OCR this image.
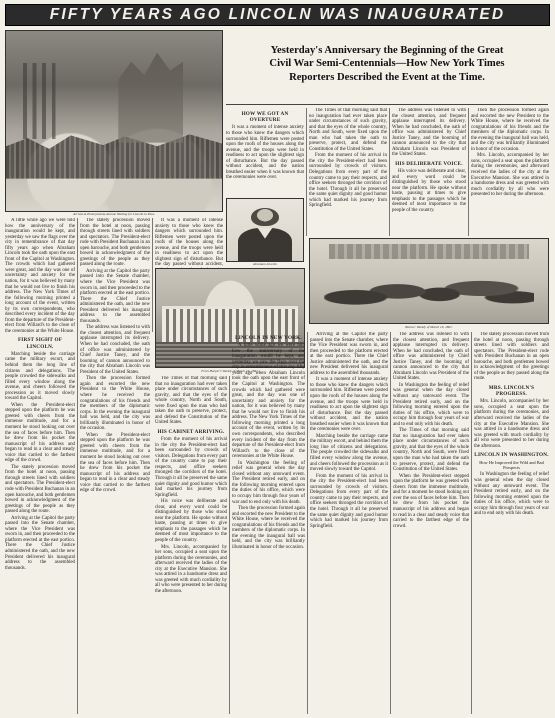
FIFTY YEARS AGO LINCOLN WAS INAUGURATED
Arrival at Pennsylvania Avenue Waiting for Lincoln to Pass.
Yesterday's Anniversary the Beginning of the Great
Civil War Semi-Centennials—How New York Times
Reporters Described the Event at the Time.
HOW WE GOT AN OVERTURE

It was a moment of intense anxiety to those who knew the dangers which surrounded him. Riflemen were posted upon the roofs of the houses along the avenue, and the troops were held in readiness to act upon the slightest sign of disturbance. But the day passed without accident, and the nation breathed easier when it was known that the ceremonies were over.

The Times of that morning said that no inauguration had ever taken place under circumstances of such gravity, and that the eyes of the whole country, North and South, were fixed upon the man who had taken the oath to preserve, protect, and defend the Constitution of the United States.

From the moment of his arrival in the city the President-elect had been surrounded by crowds of visitors. Delegations from every part of the country came to pay their respects, and office seekers thronged the corridors of the hotel. Through it all he preserved the same quiet dignity and good humor which had marked his journey from Springfield.

The address was listened to with the closest attention, and frequent applause interrupted its delivery. When he had concluded, the oath of office was administered by Chief Justice Taney, and the booming of cannon announced to the city that Abraham Lincoln was President of the United States.

HIS DELIBERATE VOICE.

His voice was deliberate and clear, and every word could be distinguished by those who stood near the platform. He spoke without haste, pausing at times to give emphasis to the passages which he deemed of most importance to the people of the country.

Then the procession formed again and escorted the new President to the White House, where he received the congratulations of his friends and the members of the diplomatic corps. In the evening the inaugural ball was held, and the city was brilliantly illuminated in honor of the occasion.

Mrs. Lincoln, accompanied by her sons, occupied a seat upon the platform during the ceremonies, and afterward received the ladies of the city at the Executive Mansion. She was attired in a handsome dress and was greeted with much cordiality by all who were presented to her during the afternoon.

Abraham Lincoln
Barnes' Weekly of March 16, 1861.

A little while ago we were told how the anniversary of the inauguration would be kept, and yesterday we saw the flags over the city in remembrance of that day fifty years ago when Abraham Lincoln took the oath upon the east front of the Capitol at Washington. The crowds which had gathered were great, and the day was one of uncertainty and anxiety for the nation, for it was believed by many that he would not live to finish his address. The New York Times of the following morning printed a long account of the event, written by its own correspondents, who described every incident of the day from the departure of the President-elect from Willard's to the close of the ceremonies at the White House.

FIRST SIGHT OF LINCOLN.

Marching beside the carriage came the military escort, and behind them the long line of citizens and delegations. The people crowded the sidewalks and filled every window along the avenue, and cheers followed the procession as it moved slowly toward the Capitol.

When the President-elect stepped upon the platform he was greeted with cheers from the immense multitude, and for a moment he stood looking out over the sea of faces before him. Then he drew from his pocket the manuscript of his address and began to read in a clear and steady voice that carried to the farthest edge of the crowd.

The stately procession moved from the hotel at noon, passing through streets lined with soldiers and spectators. The President-elect rode with President Buchanan in an open barouche, and both gentlemen bowed in acknowledgment of the greetings of the people as they passed along the route.

Arriving at the Capitol the party passed into the Senate chamber, where the Vice President was sworn in, and then proceeded to the platform erected at the east portico. There the Chief Justice administered the oath, and the new President delivered his inaugural address to the assembled thousands.

The stately procession moved from the hotel at noon, passing through streets lined with soldiers and spectators. The President-elect rode with President Buchanan in an open barouche, and both gentlemen bowed in acknowledgment of the greetings of the people as they passed along the route.

Arriving at the Capitol the party passed into the Senate chamber, where the Vice President was sworn in, and then proceeded to the platform erected at the east portico. There the Chief Justice administered the oath, and the new President delivered his inaugural address to the assembled thousands.

The address was listened to with the closest attention, and frequent applause interrupted its delivery. When he had concluded, the oath of office was administered by Chief Justice Taney, and the booming of cannon announced to the city that Abraham Lincoln was President of the United States.

Then the procession formed again and escorted the new President to the White House, where he received the congratulations of his friends and the members of the diplomatic corps. In the evening the inaugural ball was held, and the city was brilliantly illuminated in honor of the occasion.

When the President-elect stepped upon the platform he was greeted with cheers from the immense multitude, and for a moment he stood looking out over the sea of faces before him. Then he drew from his pocket the manuscript of his address and began to read in a clear and steady voice that carried to the farthest edge of the crowd.

It was a moment of intense anxiety to those who knew the dangers which surrounded him. Riflemen were posted upon the roofs of the houses along the avenue, and the troops were held in readiness to act upon the slightest sign of disturbance. But the day passed without accident,

From Harper's Weekly of March 16, 1861.

The Times of that morning said that no inauguration had ever taken place under circumstances of such gravity, and that the eyes of the whole country, North and South, were fixed upon the man who had taken the oath to preserve, protect, and defend the Constitution of the United States.

HIS CABINET ARRIVING.

From the moment of his arrival in the city the President-elect had been surrounded by crowds of visitors. Delegations from every part of the country came to pay their respects, and office seekers thronged the corridors of the hotel. Through it all he preserved the same quiet dignity and good humor which had marked his journey from Springfield.

His voice was deliberate and clear, and every word could be distinguished by those who stood near the platform. He spoke without haste, pausing at times to give emphasis to the passages which he deemed of most importance to the people of the country.

Mrs. Lincoln, accompanied by her sons, occupied a seat upon the platform during the ceremonies, and afterward received the ladies of the city at the Executive Mansion. She was attired in a handsome dress and was greeted with much cordiality by all who were presented to her during the afternoon.

LINCOLN IN NEW YORK.

A little while ago we were told how the anniversary of the inauguration would be kept, and yesterday we saw the flags over the city in remembrance of that day fifty years ago when Abraham Lincoln took the oath upon the east front of the Capitol at Washington. The crowds which had gathered were great, and the day was one of uncertainty and anxiety for the nation, for it was believed by many that he would not live to finish his address. The New York Times of the following morning printed a long account of the event, written by its own correspondents, who described every incident of the day from the departure of the President-elect from Willard's to the close of the ceremonies at the White House.

In Washington the feeling of relief was general when the day closed without any untoward event. The President retired early, and on the following morning entered upon the duties of his office, which were to occupy him through four years of war and to end only with his death.

Then the procession formed again and escorted the new President to the White House, where he received the congratulations of his friends and the members of the diplomatic corps. In the evening the inaugural ball was held, and the city was brilliantly illuminated in honor of the occasion.

Arriving at the Capitol the party passed into the Senate chamber, where the Vice President was sworn in, and then proceeded to the platform erected at the east portico. There the Chief Justice administered the oath, and the new President delivered his inaugural address to the assembled thousands.

It was a moment of intense anxiety to those who knew the dangers which surrounded him. Riflemen were posted upon the roofs of the houses along the avenue, and the troops were held in readiness to act upon the slightest sign of disturbance. But the day passed without accident, and the nation breathed easier when it was known that the ceremonies were over.

Marching beside the carriage came the military escort, and behind them the long line of citizens and delegations. The people crowded the sidewalks and filled every window along the avenue, and cheers followed the procession as it moved slowly toward the Capitol.

From the moment of his arrival in the city the President-elect had been surrounded by crowds of visitors. Delegations from every part of the country came to pay their respects, and office seekers thronged the corridors of the hotel. Through it all he preserved the same quiet dignity and good humor which had marked his journey from Springfield.

The address was listened to with the closest attention, and frequent applause interrupted its delivery. When he had concluded, the oath of office was administered by Chief Justice Taney, and the booming of cannon announced to the city that Abraham Lincoln was President of the United States.

In Washington the feeling of relief was general when the day closed without any untoward event. The President retired early, and on the following morning entered upon the duties of his office, which were to occupy him through four years of war and to end only with his death.

The Times of that morning said that no inauguration had ever taken place under circumstances of such gravity, and that the eyes of the whole country, North and South, were fixed upon the man who had taken the oath to preserve, protect, and defend the Constitution of the United States.

When the President-elect stepped upon the platform he was greeted with cheers from the immense multitude, and for a moment he stood looking out over the sea of faces before him. Then he drew from his pocket the manuscript of his address and began to read in a clear and steady voice that carried to the farthest edge of the crowd.

The stately procession moved from the hotel at noon, passing through streets lined with soldiers and spectators. The President-elect rode with President Buchanan in an open barouche, and both gentlemen bowed in acknowledgment of the greetings of the people as they passed along the route.

MRS. LINCOLN'S PROGRESS.

Mrs. Lincoln, accompanied by her sons, occupied a seat upon the platform during the ceremonies, and afterward received the ladies of the city at the Executive Mansion. She was attired in a handsome dress and was greeted with much cordiality by all who were presented to her during the afternoon.

LINCOLN IN WASHINGTON.
How He Improved the Wild and Bad Prospects

In Washington the feeling of relief was general when the day closed without any untoward event. The President retired early, and on the following morning entered upon the duties of his office, which were to occupy him through four years of war and to end only with his death.
